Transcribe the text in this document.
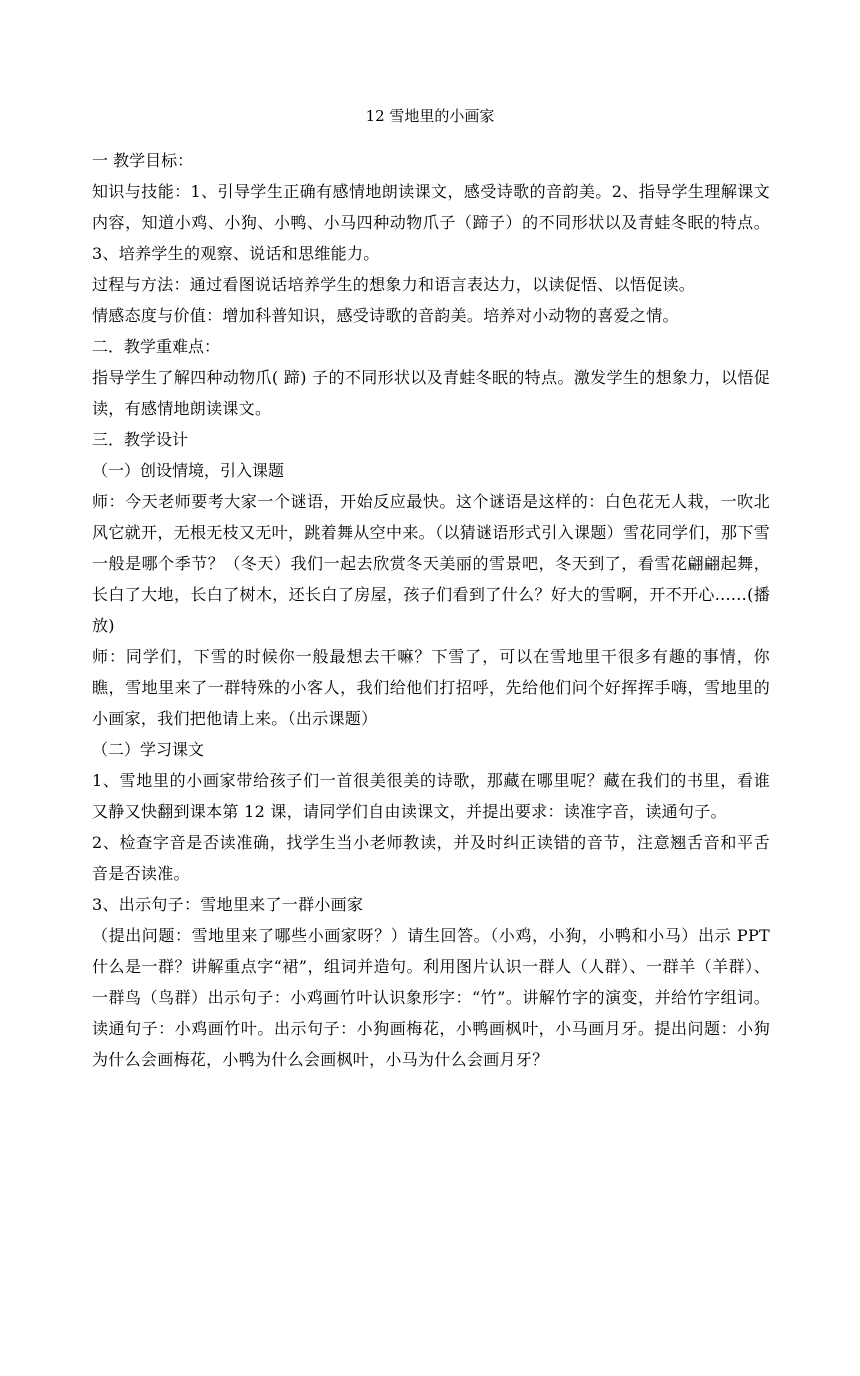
12 雪地里的小画家

一 教学目标：

知识与技能：1、引导学生正确有感情地朗读课文，感受诗歌的音韵美。2、指导学生理解课文内容，知道小鸡、小狗、小鸭、小马四种动物爪子（蹄子）的不同形状以及青蛙冬眠的特点。3、培养学生的观察、说话和思维能力。

过程与方法：通过看图说话培养学生的想象力和语言表达力，以读促悟、以悟促读。

情感态度与价值：增加科普知识，感受诗歌的音韵美。培养对小动物的喜爱之情。

二．教学重难点：

指导学生了解四种动物爪( 蹄) 子的不同形状以及青蛙冬眠的特点。激发学生的想象力，以悟促读，有感情地朗读课文。

三．教学设计

（一）创设情境，引入课题

师：今天老师要考大家一个谜语，开始反应最快。这个谜语是这样的：白色花无人栽，一吹北风它就开，无根无枝又无叶，跳着舞从空中来。（以猜谜语形式引入课题）雪花同学们，那下雪一般是哪个季节？（冬天）我们一起去欣赏冬天美丽的雪景吧，冬天到了，看雪花翩翩起舞，长白了大地，长白了树木，还长白了房屋，孩子们看到了什么？好大的雪啊，开不开心......(播放)

师：同学们，下雪的时候你一般最想去干嘛？下雪了，可以在雪地里干很多有趣的事情，你瞧，雪地里来了一群特殊的小客人，我们给他们打招呼，先给他们问个好挥挥手嗨，雪地里的小画家，我们把他请上来。（出示课题）

（二）学习课文

1、雪地里的小画家带给孩子们一首很美很美的诗歌，那藏在哪里呢？藏在我们的书里，看谁又静又快翻到课本第 12 课，请同学们自由读课文，并提出要求：读准字音，读通句子。

2、检查字音是否读准确，找学生当小老师教读，并及时纠正读错的音节，注意翘舌音和平舌音是否读准。

3、出示句子：雪地里来了一群小画家

（提出问题：雪地里来了哪些小画家呀？）请生回答。（小鸡，小狗，小鸭和小马）出示 PPT 什么是一群？讲解重点字“裙”，组词并造句。利用图片认识一群人（人群）、一群羊（羊群）、一群鸟（鸟群）出示句子：小鸡画竹叶认识象形字：“竹”。讲解竹字的演变，并给竹字组词。读通句子：小鸡画竹叶。出示句子：小狗画梅花，小鸭画枫叶，小马画月牙。提出问题：小狗为什么会画梅花，小鸭为什么会画枫叶，小马为什么会画月牙？
